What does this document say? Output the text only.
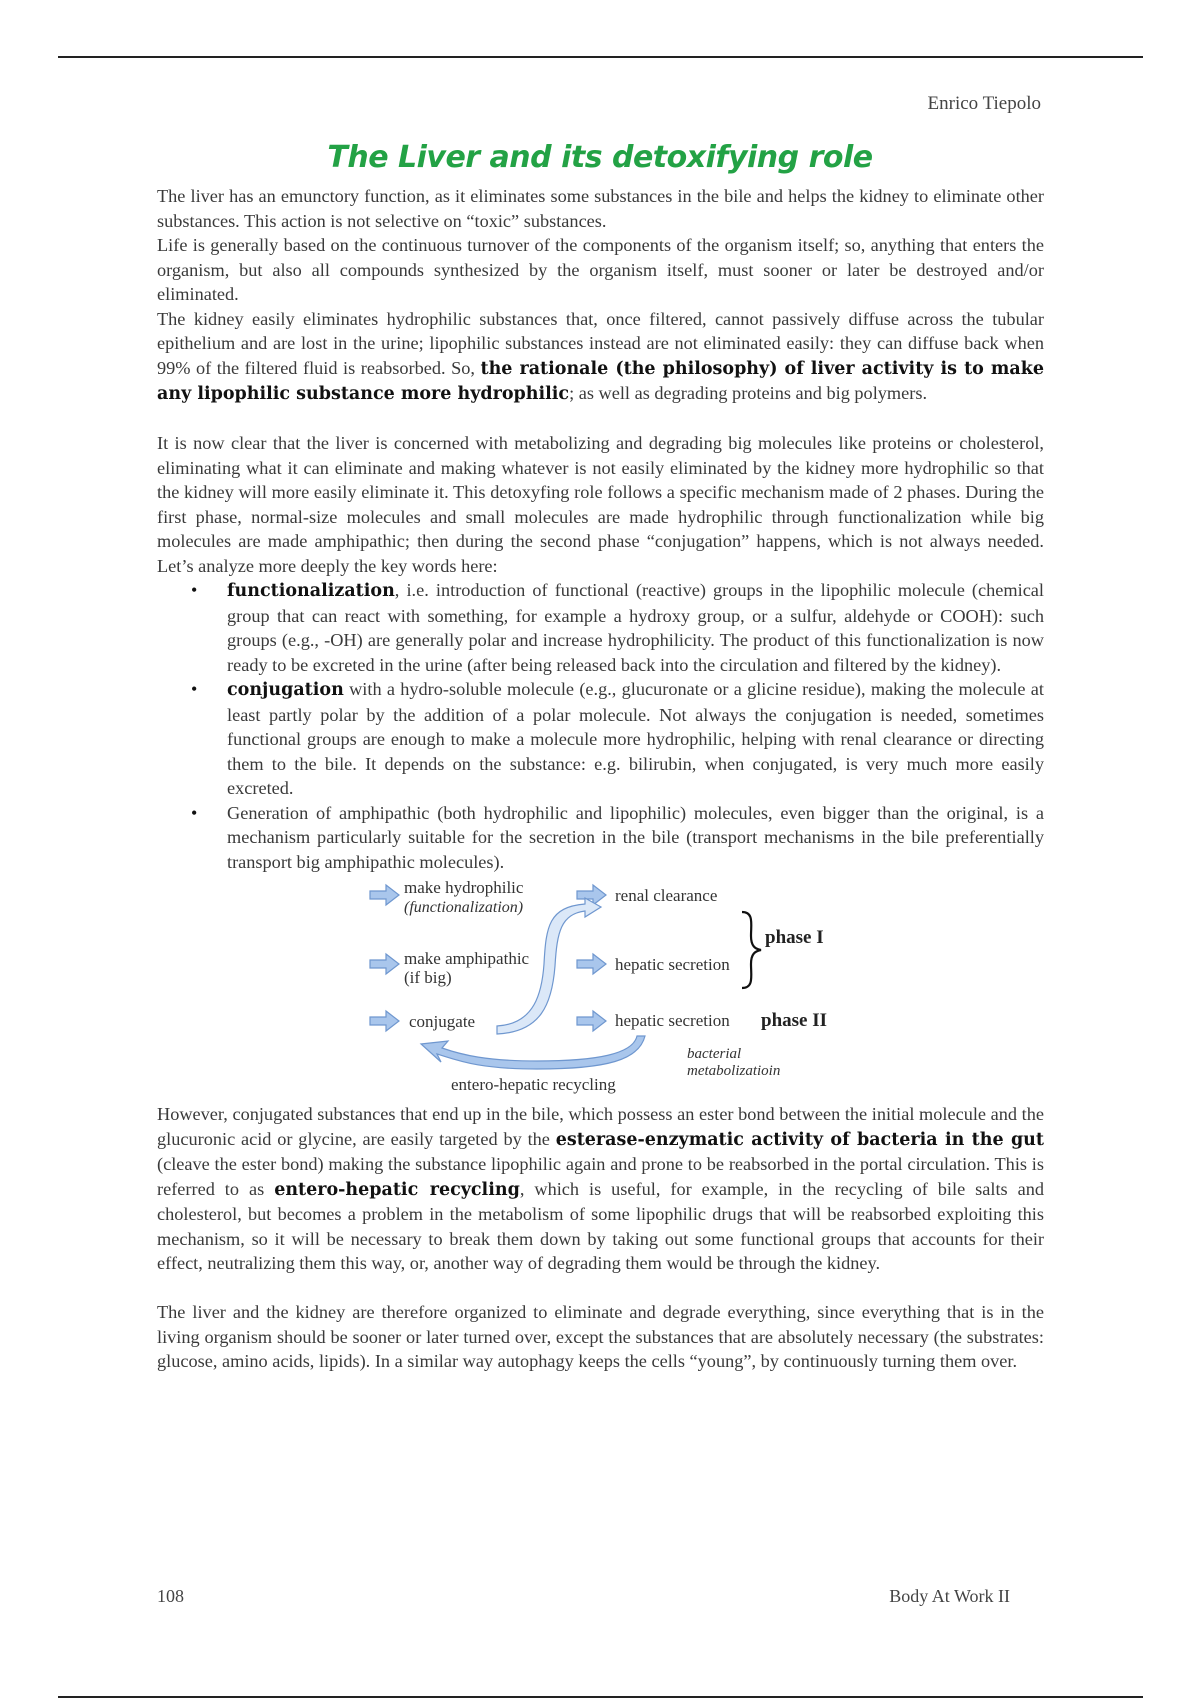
Enrico Tiepolo
The Liver and its detoxifying role

The liver has an emunctory function, as it eliminates some substances in the bile and helps the kidney to eliminate other substances. This action is not selective on “toxic” substances.

Life is generally based on the continuous turnover of the components of the organism itself; so, anything that enters the organism, but also all compounds synthesized by the organism itself, must sooner or later be destroyed and/or eliminated.

The kidney easily eliminates hydrophilic substances that, once filtered, cannot passively diffuse across the tubular epithelium and are lost in the urine; lipophilic substances instead are not eliminated easily: they can diffuse back when 99% of the filtered fluid is reabsorbed. So, the rationale (the philosophy) of liver activity is to make any lipophilic substance more hydrophilic; as well as degrading proteins and big polymers.

It is now clear that the liver is concerned with metabolizing and degrading big molecules like proteins or cholesterol, eliminating what it can eliminate and making whatever is not easily eliminated by the kidney more hydrophilic so that the kidney will more easily eliminate it. This detoxyfing role follows a specific mechanism made of 2 phases. During the first phase, normal-size molecules and small molecules are made hydrophilic through functionalization while big molecules are made amphipathic; then during the second phase “conjugation” happens, which is not always needed. Let’s analyze more deeply the key words here:

• functionalization, i.e. introduction of functional (reactive) groups in the lipophilic molecule (chemical group that can react with something, for example a hydroxy group, or a sulfur, aldehyde or COOH): such groups (e.g., -OH) are generally polar and increase hydrophilicity. The product of this functionalization is now ready to be excreted in the urine (after being released back into the circulation and filtered by the kidney).
• conjugation with a hydro-soluble molecule (e.g., glucuronate or a glicine residue), making the molecule at least partly polar by the addition of a polar molecule. Not always the conjugation is needed, sometimes functional groups are enough to make a molecule more hydrophilic, helping with renal clearance or directing them to the bile. It depends on the substance: e.g. bilirubin, when conjugated, is very much more easily excreted.
• Generation of amphipathic (both hydrophilic and lipophilic) molecules, even bigger than the original, is a mechanism particularly suitable for the secretion in the bile (transport mechanisms in the bile preferentially transport big amphipathic molecules).
make hydrophilic
(functionalization)
make amphipathic
(if big)
conjugate
renal clearance
hepatic secretion
hepatic secretion
phase I
phase II
bacterial
metabolizatioin
entero-hepatic recycling

However, conjugated substances that end up in the bile, which possess an ester bond between the initial molecule and the glucuronic acid or glycine, are easily targeted by the esterase-enzymatic activity of bacteria in the gut (cleave the ester bond) making the substance lipophilic again and prone to be reabsorbed in the portal circulation. This is referred to as entero-hepatic recycling, which is useful, for example, in the recycling of bile salts and cholesterol, but becomes a problem in the metabolism of some lipophilic drugs that will be reabsorbed exploiting this mechanism, so it will be necessary to break them down by taking out some functional groups that accounts for their effect, neutralizing them this way, or, another way of degrading them would be through the kidney.

The liver and the kidney are therefore organized to eliminate and degrade everything, since everything that is in the living organism should be sooner or later turned over, except the substances that are absolutely necessary (the substrates: glucose, amino acids, lipids). In a similar way autophagy keeps the cells “young”, by continuously turning them over.

108	Body At Work II
